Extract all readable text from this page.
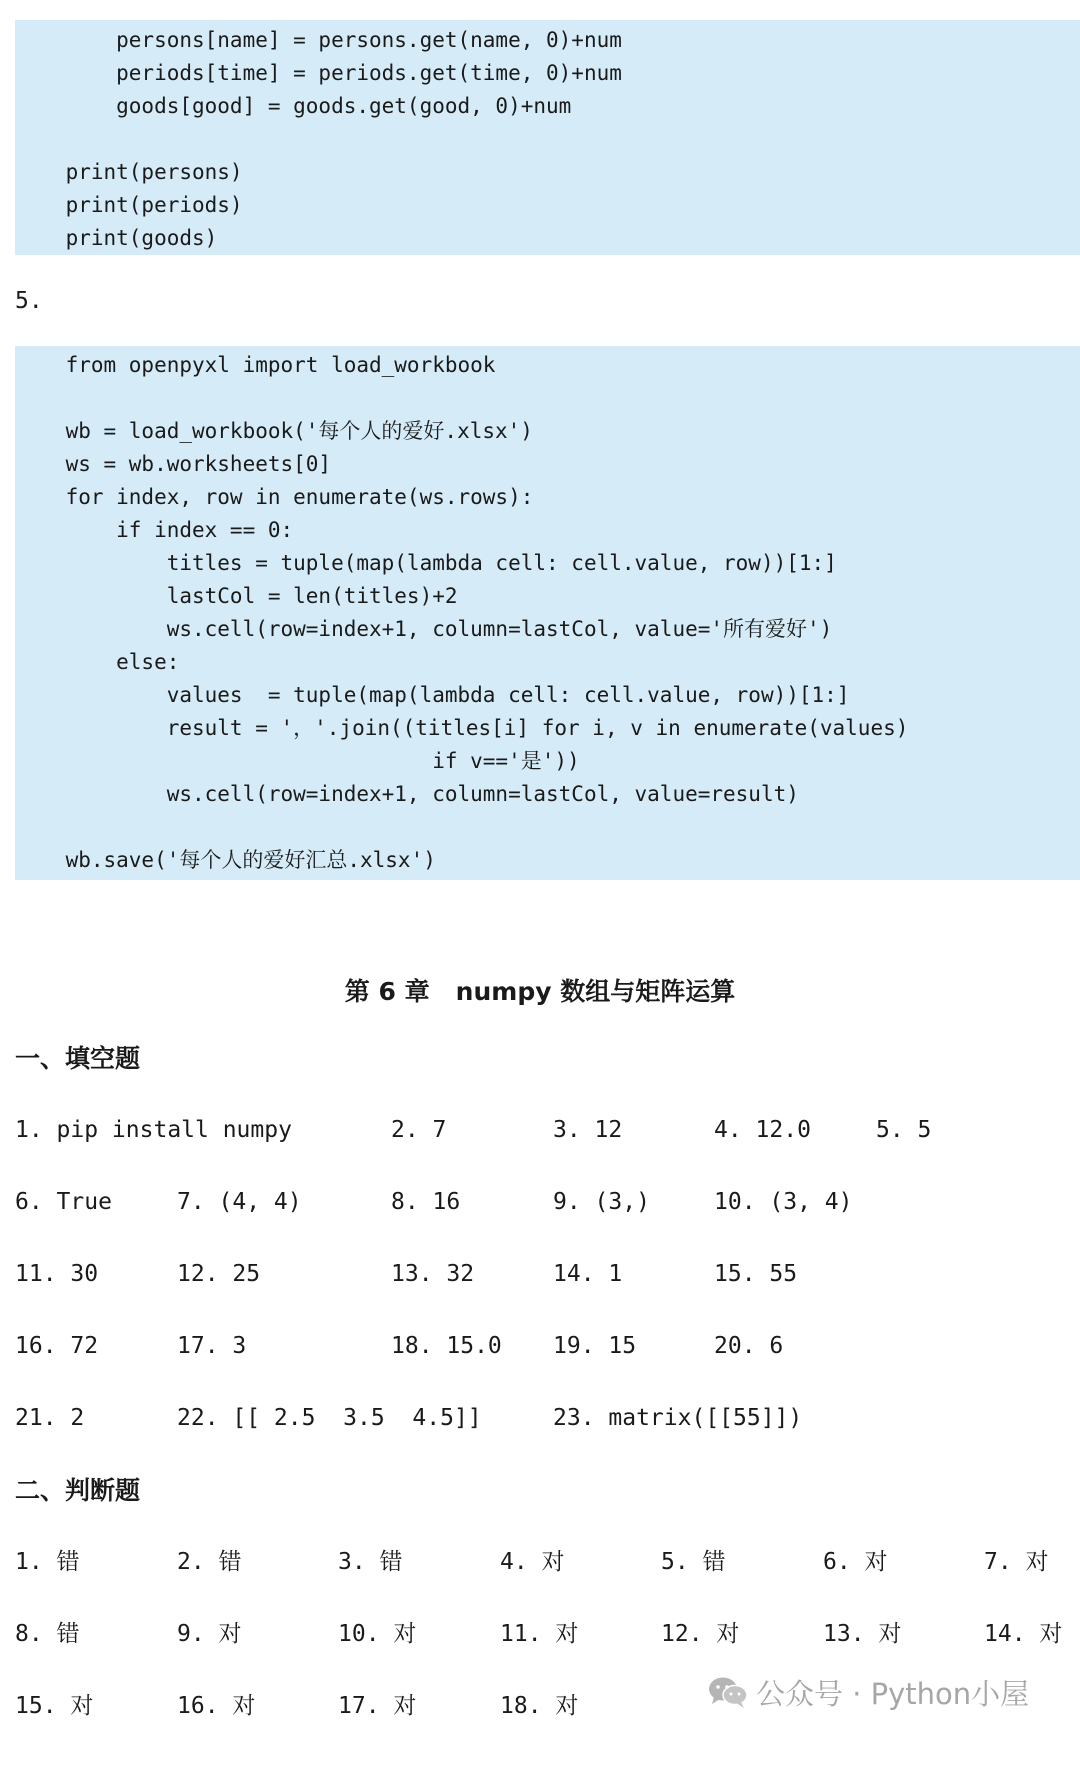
persons[name] = persons.get(name, 0)+num
periods[time] = periods.get(time, 0)+num
goods[good] = goods.get(good, 0)+num
print(persons)
print(periods)
print(goods)
5.
from openpyxl import load_workbook
wb = load_workbook('每个人的爱好.xlsx')
ws = wb.worksheets[0]
for index, row in enumerate(ws.rows):
if index == 0:
titles = tuple(map(lambda cell: cell.value, row))[1:]
lastCol = len(titles)+2
ws.cell(row=index+1, column=lastCol, value='所有爱好')
else:
values  = tuple(map(lambda cell: cell.value, row))[1:]
result = '，'.join((titles[i] for i, v in enumerate(values)
if v=='是'))
ws.cell(row=index+1, column=lastCol, value=result)
wb.save('每个人的爱好汇总.xlsx')
第 6 章   numpy 数组与矩阵运算
一、填空题
1. pip install numpy	2. 7	3. 12	4. 12.0	5. 5
6. True	7. (4, 4)	8. 16	9. (3,)	10. (3, 4)
11. 30	12. 25	13. 32	14. 1	15. 55
16. 72	17. 3	18. 15.0 19. 15	20. 6
21. 2	22. [[ 2.5  3.5  4.5]]	23. matrix([[55]])
二、判断题
1. 错	2. 错	3. 错	4. 对	5. 错	6. 对	7. 对
8. 错	9. 对	10. 对	11. 对	12. 对	13. 对	14. 对
15. 对	16. 对	17. 对	18. 对

	公众号 · Python小屋
